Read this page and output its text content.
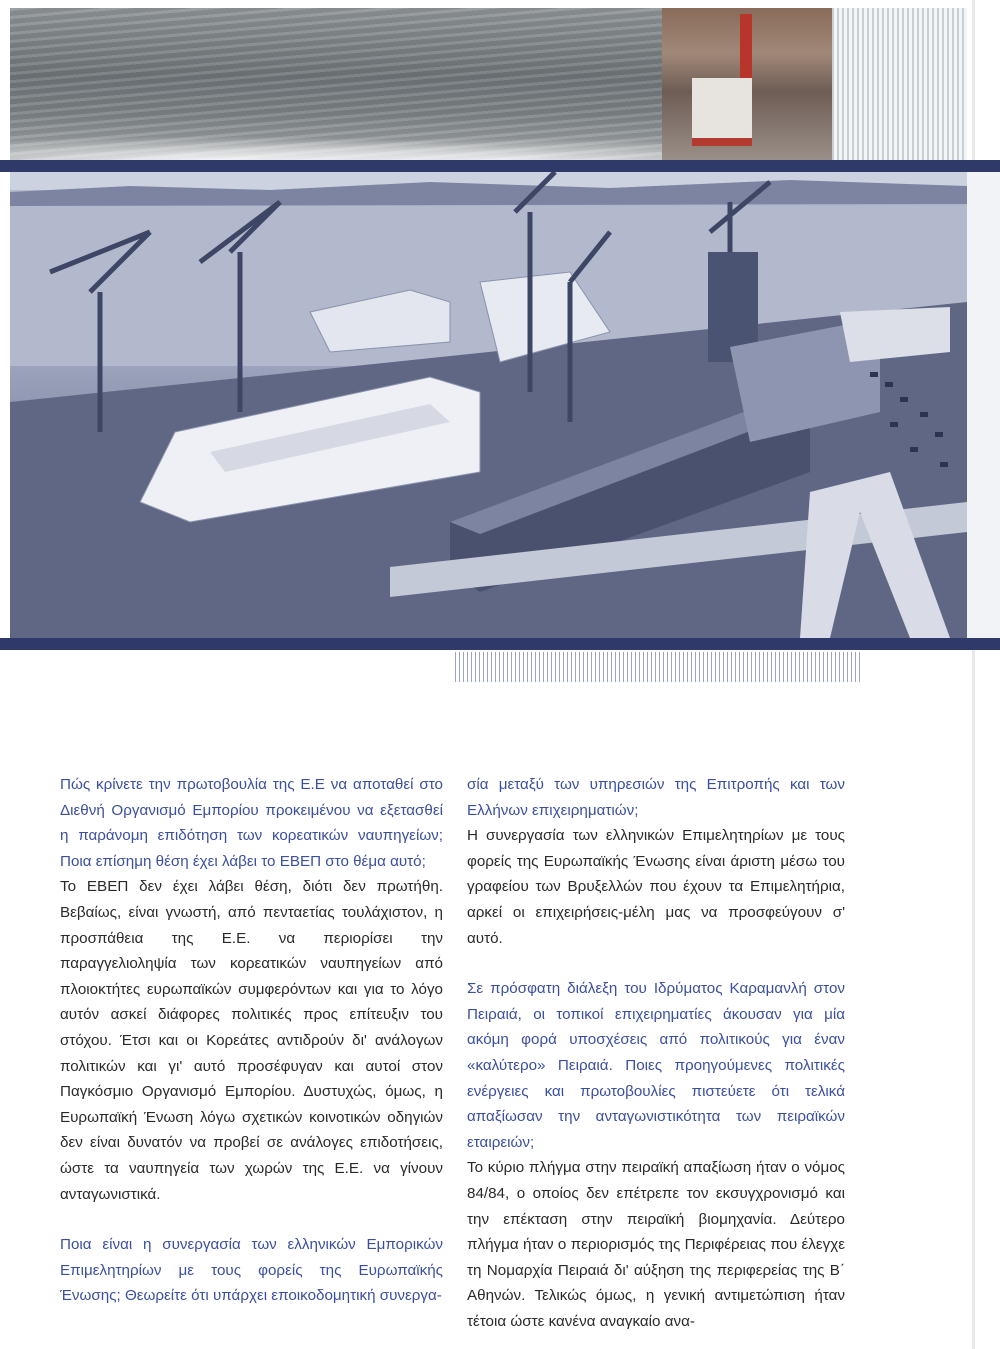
Πώς κρίνετε την πρωτοβουλία της Ε.Ε να αποταθεί στο Διεθνή Οργανισμό Εμπορίου προκειμένου να εξετασθεί η παράνομη επιδότηση των κορεατικών ναυπηγείων; Ποια επίσημη θέση έχει λάβει το ΕΒΕΠ στο θέμα αυτό;

Το ΕΒΕΠ δεν έχει λάβει θέση, διότι δεν πρωτήθη. Βεβαίως, είναι γνωστή, από πενταετίας τουλάχιστον, η προσπάθεια της Ε.Ε. να περιορίσει την παραγγελιοληψία των κορεατικών ναυπηγείων από πλοιοκτήτες ευρωπαϊκών συμφερόντων και για το λόγο αυτόν ασκεί διάφορες πολιτικές προς επίτευξιν του στόχου. Έτσι και οι Κορεάτες αντιδρούν δι' ανάλογων πολιτικών και γι' αυτό προσέφυγαν και αυτοί στον Παγκόσμιο Οργανισμό Εμπορίου. Δυστυχώς, όμως, η Ευρωπαϊκή Ένωση λόγω σχετικών κοινοτικών οδηγιών δεν είναι δυνατόν να προβεί σε ανάλογες επιδοτήσεις, ώστε τα ναυπηγεία των χωρών της Ε.Ε. να γίνουν ανταγωνιστικά.

Ποια είναι η συνεργασία των ελληνικών Εμπορικών Επιμελητηρίων με τους φορείς της Ευρωπαϊκής Ένωσης; Θεωρείτε ότι υπάρχει εποικοδομητική συνεργα-

σία μεταξύ των υπηρεσιών της Επιτροπής και των Ελλήνων επιχειρηματιών;

Η συνεργασία των ελληνικών Επιμελητηρίων με τους φορείς της Ευρωπαϊκής Ένωσης είναι άριστη μέσω του γραφείου των Βρυξελλών που έχουν τα Επιμελητήρια, αρκεί οι επιχειρήσεις-μέλη μας να προσφεύγουν σ' αυτό.

Σε πρόσφατη διάλεξη του Ιδρύματος Καραμανλή στον Πειραιά, οι τοπικοί επιχειρηματίες άκουσαν για μία ακόμη φορά υποσχέσεις από πολιτικούς για έναν «καλύτερο» Πειραιά. Ποιες προηγούμενες πολιτικές ενέργειες και πρωτοβουλίες πιστεύετε ότι τελικά απαξίωσαν την ανταγωνιστικότητα των πειραϊκών εταιρειών;

Το κύριο πλήγμα στην πειραϊκή απαξίωση ήταν ο νόμος 84/84, ο οποίος δεν επέτρεπε τον εκσυγχρονισμό και την επέκταση στην πειραϊκή βιομηχανία. Δεύτερο πλήγμα ήταν ο περιορισμός της Περιφέρειας που έλεγχε τη Νομαρχία Πειραιά δι' αύξηση της περιφερείας της Β΄ Αθηνών. Τελικώς όμως, η γενική αντιμετώπιση ήταν τέτοια ώστε κανένα αναγκαίο ανα-
